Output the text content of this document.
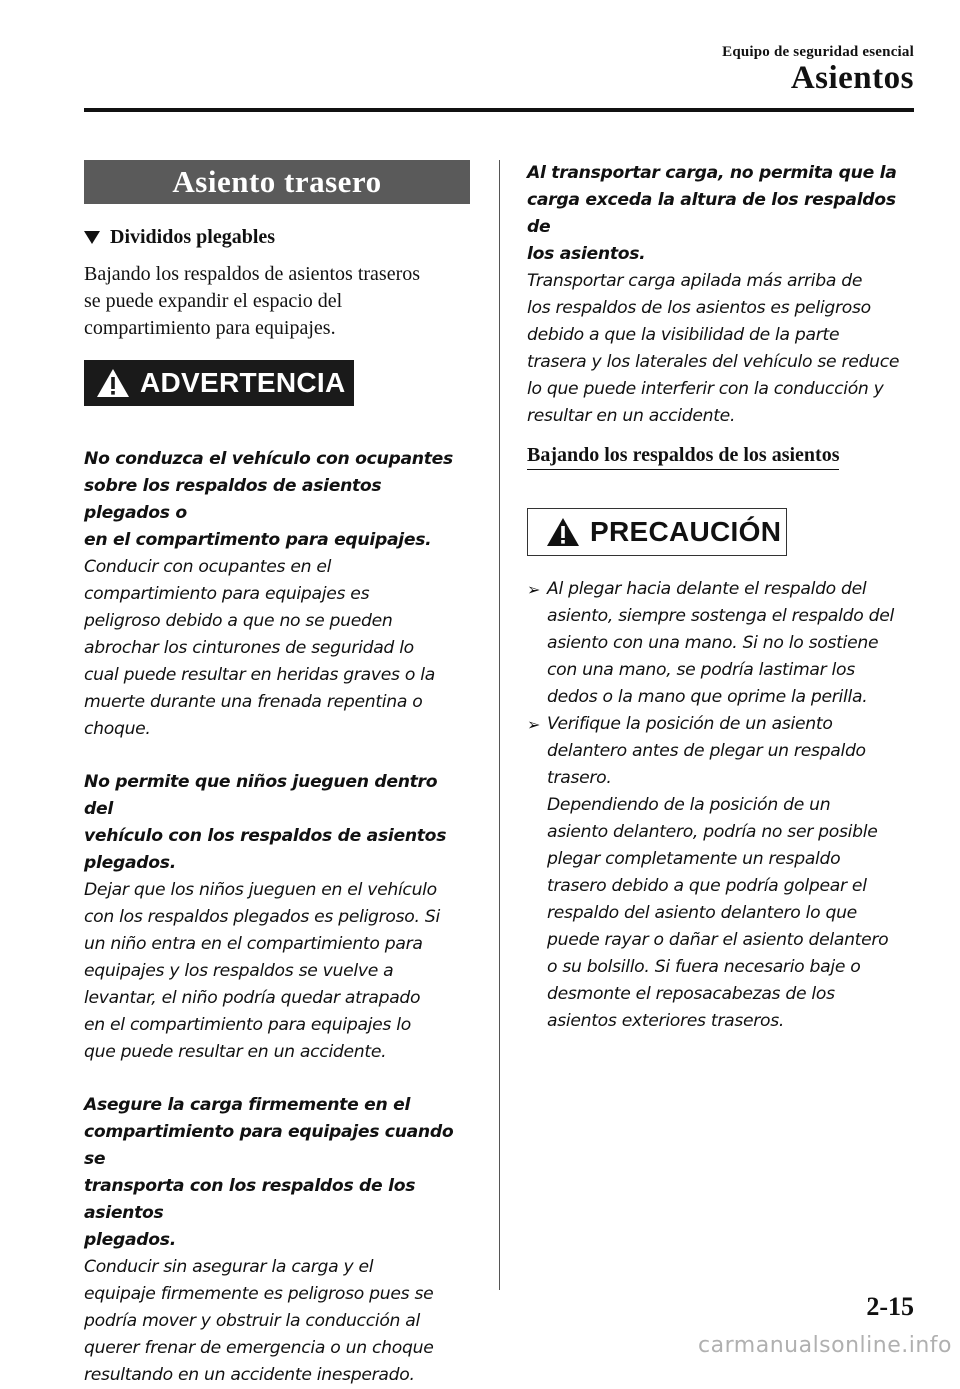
Equipo de seguridad esencial
Asientos
Asiento trasero
Divididos plegables
Bajando los respaldos de asientos traseros
se puede expandir el espacio del
compartimiento para equipajes.
ADVERTENCIA
No conduzca el vehículo con ocupantes
sobre los respaldos de asientos plegados o
en el compartimento para equipajes.
Conducir con ocupantes en el
compartimiento para equipajes es
peligroso debido a que no se pueden
abrochar los cinturones de seguridad lo
cual puede resultar en heridas graves o la
muerte durante una frenada repentina o
choque.
No permite que niños jueguen dentro del
vehículo con los respaldos de asientos
plegados.
Dejar que los niños jueguen en el vehículo
con los respaldos plegados es peligroso. Si
un niño entra en el compartimiento para
equipajes y los respaldos se vuelve a
levantar, el niño podría quedar atrapado
en el compartimiento para equipajes lo
que puede resultar en un accidente.
Asegure la carga firmemente en el
compartimiento para equipajes cuando se
transporta con los respaldos de los asientos
plegados.
Conducir sin asegurar la carga y el
equipaje firmemente es peligroso pues se
podría mover y obstruir la conducción al
querer frenar de emergencia o un choque
resultando en un accidente inesperado.
Al transportar carga, no permita que la
carga exceda la altura de los respaldos de
los asientos.
Transportar carga apilada más arriba de
los respaldos de los asientos es peligroso
debido a que la visibilidad de la parte
trasera y los laterales del vehículo se reduce
lo que puede interferir con la conducción y
resultar en un accidente.
Bajando los respaldos de los asientos
PRECAUCIÓN
➢ Al plegar hacia delante el respaldo del
asiento, siempre sostenga el respaldo del
asiento con una mano. Si no lo sostiene
con una mano, se podría lastimar los
dedos o la mano que oprime la perilla.
➢ Verifique la posición de un asiento
delantero antes de plegar un respaldo
trasero.
Dependiendo de la posición de un
asiento delantero, podría no ser posible
plegar completamente un respaldo
trasero debido a que podría golpear el
respaldo del asiento delantero lo que
puede rayar o dañar el asiento delantero
o su bolsillo. Si fuera necesario baje o
desmonte el reposacabezas de los
asientos exteriores traseros.
2-15
carmanualsonline.info
